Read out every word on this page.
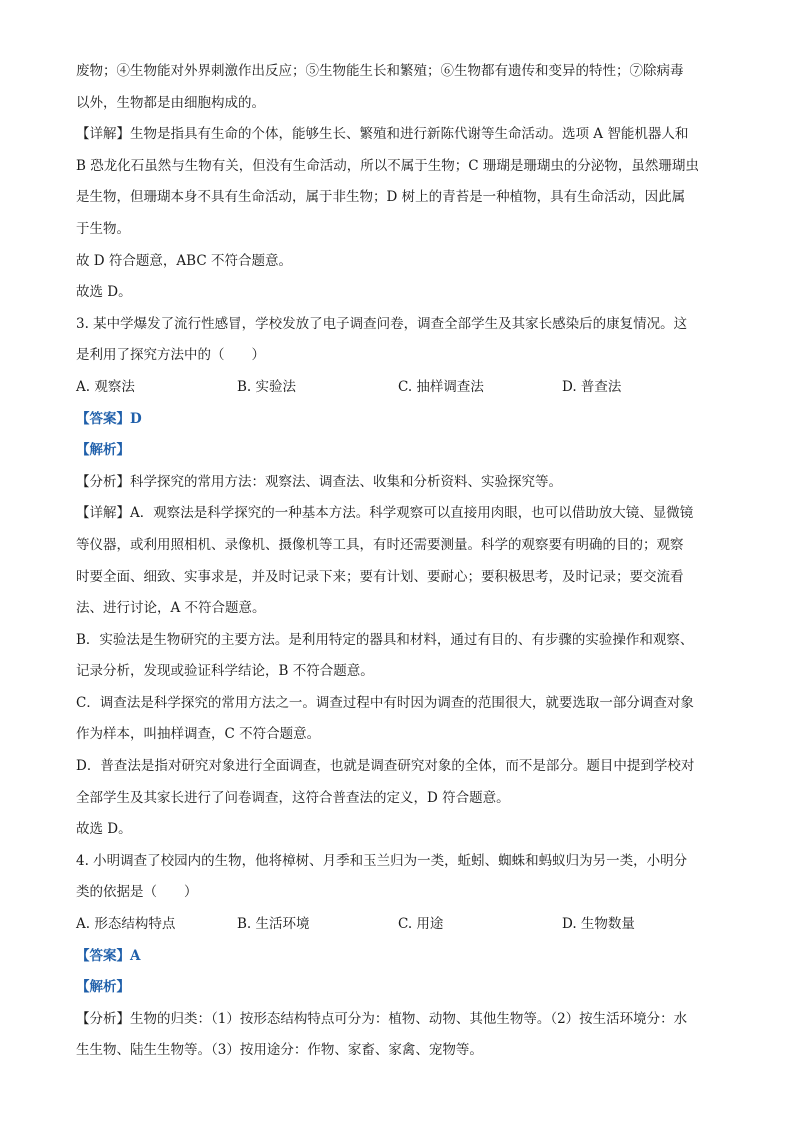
废物；④生物能对外界刺激作出反应；⑤生物能生长和繁殖；⑥生物都有遗传和变异的特性；⑦除病毒
以外，生物都是由细胞构成的。
【详解】生物是指具有生命的个体，能够生长、繁殖和进行新陈代谢等生命活动。选项 A 智能机器人和
B 恐龙化石虽然与生物有关，但没有生命活动，所以不属于生物；C 珊瑚是珊瑚虫的分泌物，虽然珊瑚虫
是生物，但珊瑚本身不具有生命活动，属于非生物；D 树上的青苔是一种植物，具有生命活动，因此属
于生物。
故 D 符合题意，ABC 不符合题意。
故选 D。
3. 某中学爆发了流行性感冒，学校发放了电子调查问卷，调查全部学生及其家长感染后的康复情况。这
是利用了探究方法中的（　　）
A. 观察法	B. 实验法	C. 抽样调查法	D. 普查法
【答案】D
【解析】
【分析】科学探究的常用方法：观察法、调查法、收集和分析资料、实验探究等。
【详解】A．观察法是科学探究的一种基本方法。科学观察可以直接用肉眼，也可以借助放大镜、显微镜
等仪器，或利用照相机、录像机、摄像机等工具，有时还需要测量。科学的观察要有明确的目的；观察
时要全面、细致、实事求是，并及时记录下来；要有计划、要耐心；要积极思考，及时记录；要交流看
法、进行讨论，A 不符合题意。
B．实验法是生物研究的主要方法。是利用特定的器具和材料，通过有目的、有步骤的实验操作和观察、
记录分析，发现或验证科学结论，B 不符合题意。
C．调查法是科学探究的常用方法之一。调查过程中有时因为调查的范围很大，就要选取一部分调查对象
作为样本，叫抽样调查，C 不符合题意。
D．普查法是指对研究对象进行全面调查，也就是调查研究对象的全体，而不是部分。题目中提到学校对
全部学生及其家长进行了问卷调查，这符合普查法的定义，D 符合题意。
故选 D。
4. 小明调查了校园内的生物，他将樟树、月季和玉兰归为一类，蚯蚓、蜘蛛和蚂蚁归为另一类，小明分
类的依据是（　　）
A. 形态结构特点	B. 生活环境	C. 用途	D. 生物数量
【答案】A
【解析】
【分析】生物的归类：（1）按形态结构特点可分为：植物、动物、其他生物等。（2）按生活环境分：水
生生物、陆生生物等。（3）按用途分：作物、家畜、家禽、宠物等。
